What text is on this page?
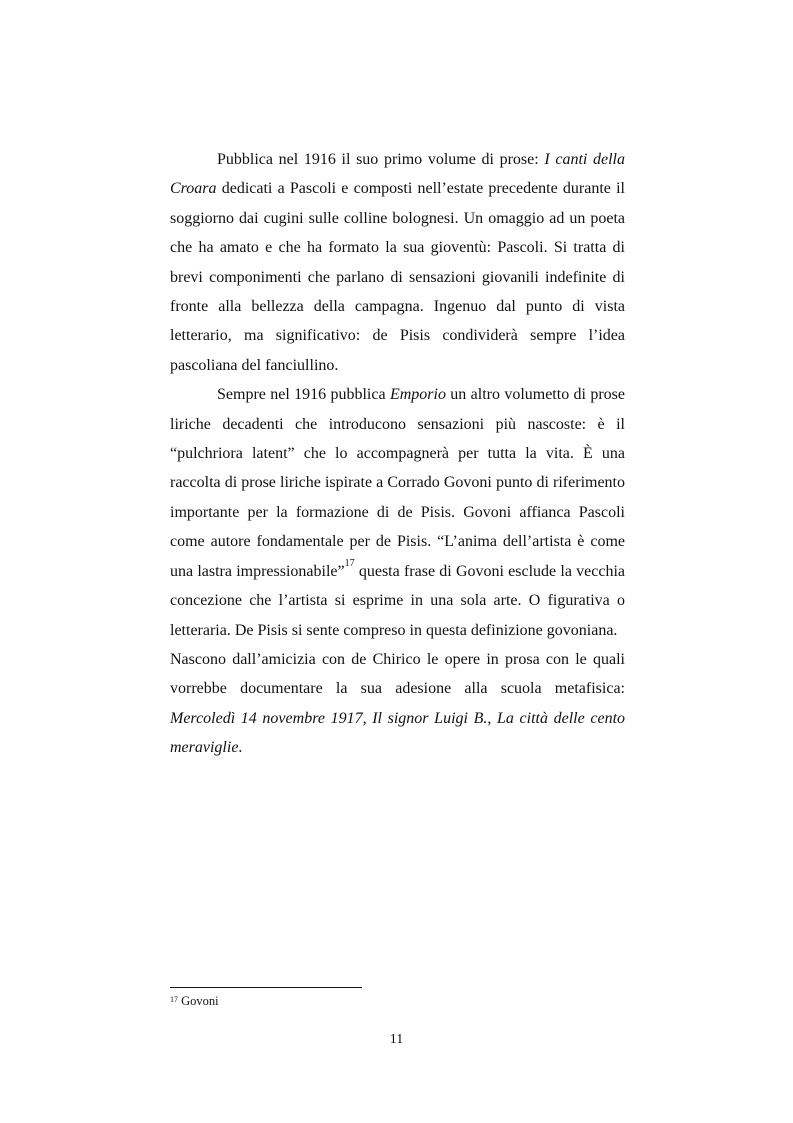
Pubblica nel 1916 il suo primo volume di prose: I canti della Croara dedicati a Pascoli e composti nell’estate precedente durante il soggiorno dai cugini sulle colline bolognesi. Un omaggio ad un poeta che ha amato e che ha formato la sua gioventù: Pascoli. Si tratta di brevi componimenti che parlano di sensazioni giovanili indefinite di fronte alla bellezza della campagna. Ingenuo dal punto di vista letterario, ma significativo: de Pisis condividerà sempre l’idea pascoliana del fanciullino.

Sempre nel 1916 pubblica Emporio un altro volumetto di prose liriche decadenti che introducono sensazioni più nascoste: è il “pulchriora latent” che lo accompagnerà per tutta la vita. È una raccolta di prose liriche ispirate a Corrado Govoni punto di riferimento importante per la formazione di de Pisis. Govoni affianca Pascoli come autore fondamentale per de Pisis. “L’anima dell’artista è come una lastra impressionabile”$^{17}$ questa frase di Govoni esclude la vecchia concezione che l’artista si esprime in una sola arte. O figurativa o letteraria. De Pisis si sente compreso in questa definizione govoniana.

Nascono dall’amicizia con de Chirico le opere in prosa con le quali vorrebbe documentare la sua adesione alla scuola metafisica: Mercoledì 14 novembre 1917, Il signor Luigi B., La città delle cento meraviglie.

$^{17}$ Govoni
11
